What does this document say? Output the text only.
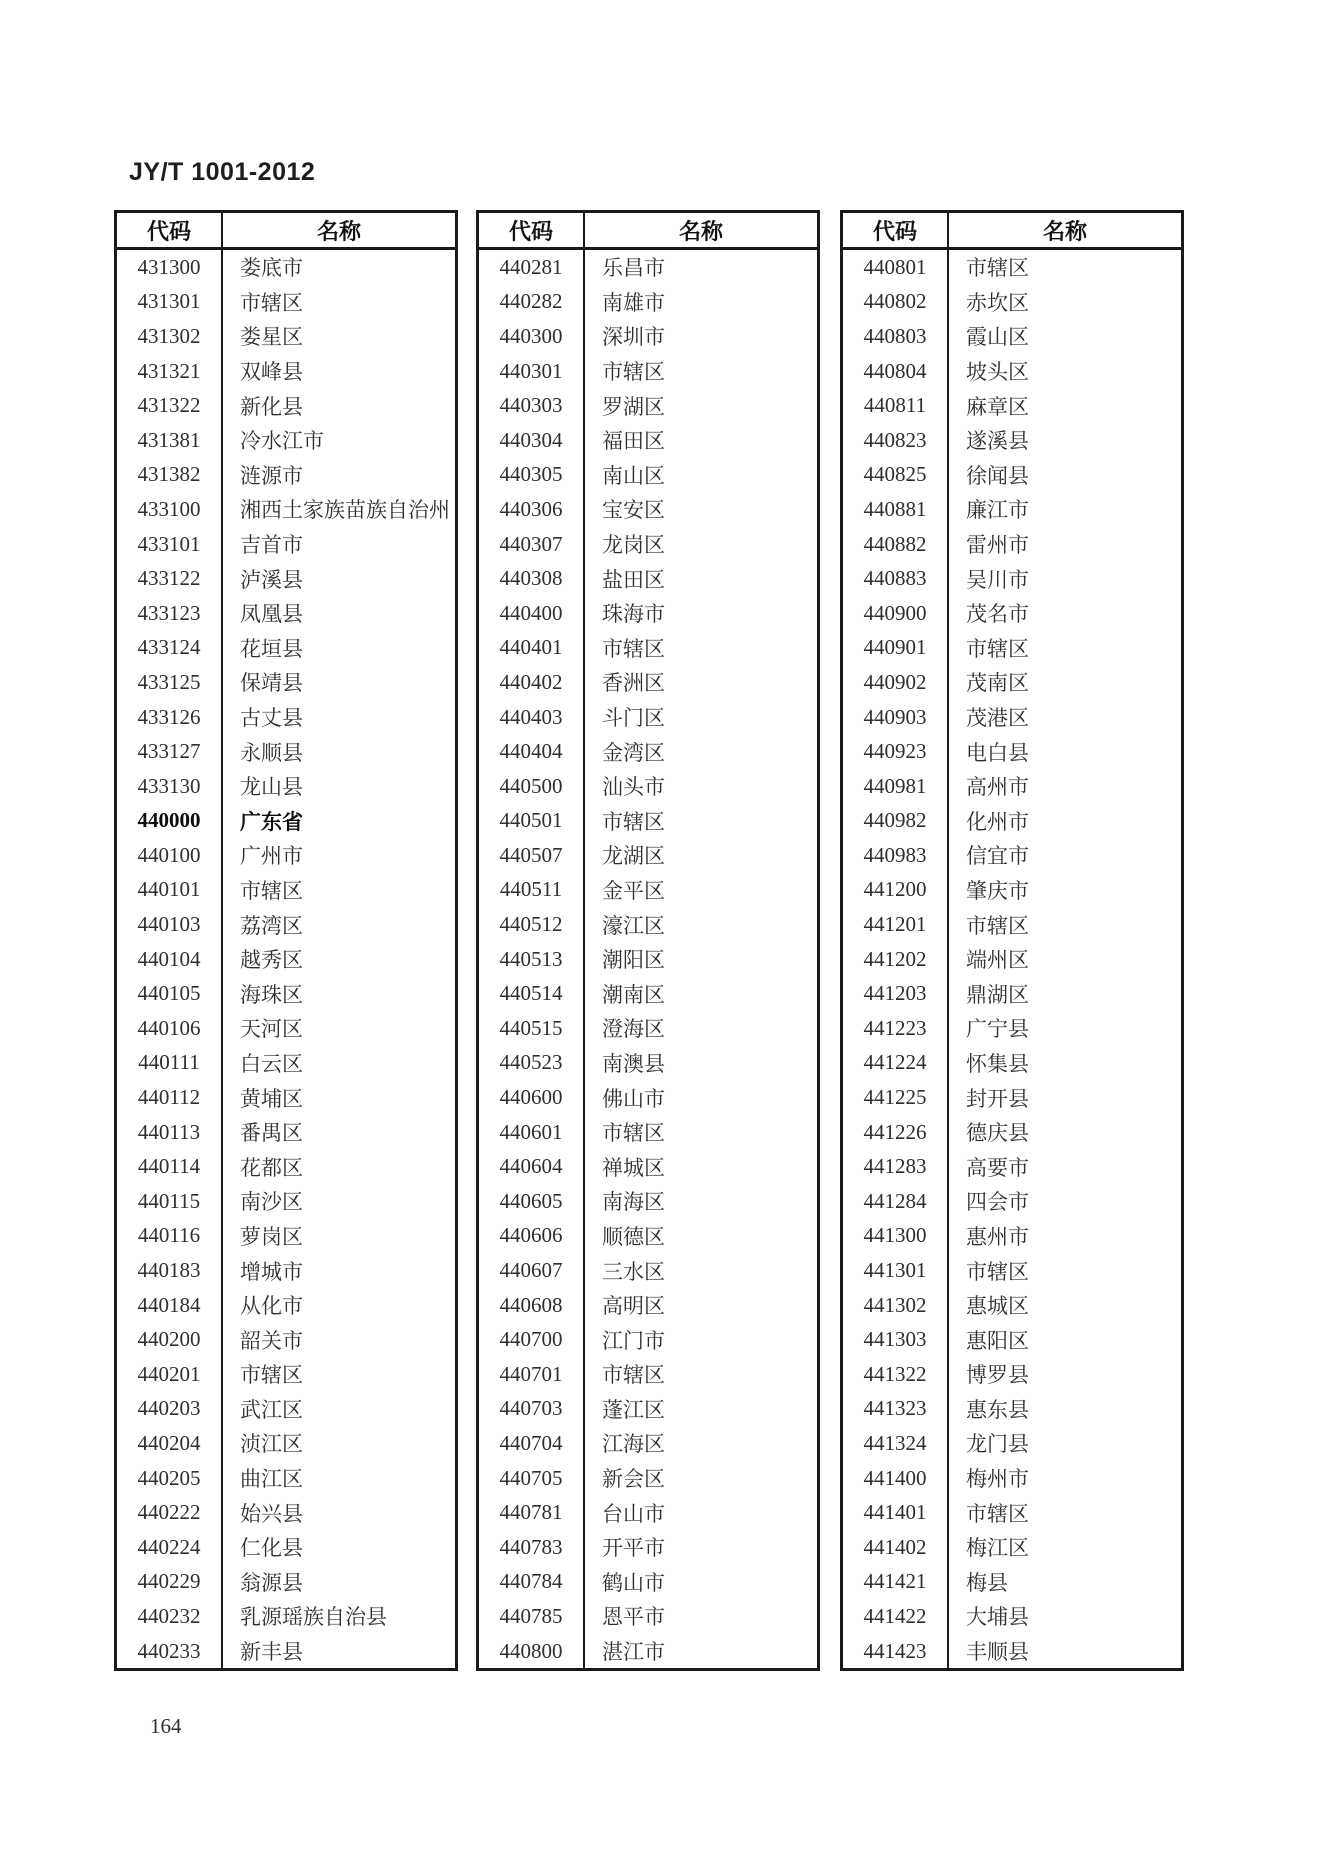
JY/T 1001-2012
代码	名称
431300	娄底市
431301	市辖区
431302	娄星区
431321	双峰县
431322	新化县
431381	冷水江市
431382	涟源市
433100	湘西土家族苗族自治州
433101	吉首市
433122	泸溪县
433123	凤凰县
433124	花垣县
433125	保靖县
433126	古丈县
433127	永顺县
433130	龙山县
440000	广东省
440100	广州市
440101	市辖区
440103	荔湾区
440104	越秀区
440105	海珠区
440106	天河区
440111	白云区
440112	黄埔区
440113	番禺区
440114	花都区
440115	南沙区
440116	萝岗区
440183	增城市
440184	从化市
440200	韶关市
440201	市辖区
440203	武江区
440204	浈江区
440205	曲江区
440222	始兴县
440224	仁化县
440229	翁源县
440232	乳源瑶族自治县
440233	新丰县
代码	名称
440281	乐昌市
440282	南雄市
440300	深圳市
440301	市辖区
440303	罗湖区
440304	福田区
440305	南山区
440306	宝安区
440307	龙岗区
440308	盐田区
440400	珠海市
440401	市辖区
440402	香洲区
440403	斗门区
440404	金湾区
440500	汕头市
440501	市辖区
440507	龙湖区
440511	金平区
440512	濠江区
440513	潮阳区
440514	潮南区
440515	澄海区
440523	南澳县
440600	佛山市
440601	市辖区
440604	禅城区
440605	南海区
440606	顺德区
440607	三水区
440608	高明区
440700	江门市
440701	市辖区
440703	蓬江区
440704	江海区
440705	新会区
440781	台山市
440783	开平市
440784	鹤山市
440785	恩平市
440800	湛江市
代码	名称
440801	市辖区
440802	赤坎区
440803	霞山区
440804	坡头区
440811	麻章区
440823	遂溪县
440825	徐闻县
440881	廉江市
440882	雷州市
440883	吴川市
440900	茂名市
440901	市辖区
440902	茂南区
440903	茂港区
440923	电白县
440981	高州市
440982	化州市
440983	信宜市
441200	肇庆市
441201	市辖区
441202	端州区
441203	鼎湖区
441223	广宁县
441224	怀集县
441225	封开县
441226	德庆县
441283	高要市
441284	四会市
441300	惠州市
441301	市辖区
441302	惠城区
441303	惠阳区
441322	博罗县
441323	惠东县
441324	龙门县
441400	梅州市
441401	市辖区
441402	梅江区
441421	梅县
441422	大埔县
441423	丰顺县
164
